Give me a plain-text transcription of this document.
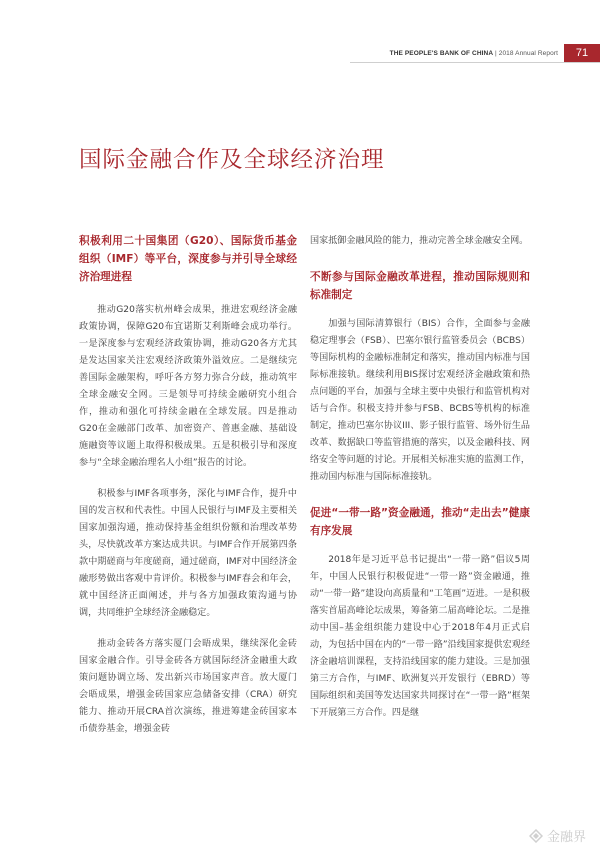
THE PEOPLE'S BANK OF CHINA | 2018 Annual Report	71
国际金融合作及全球经济治理

积极利用二十国集团（G20）、国际货币基金组织（IMF）等平台，深度参与并引导全球经济治理进程

推动G20落实杭州峰会成果，推进宏观经济金融政策协调，保障G20布宜诺斯艾利斯峰会成功举行。一是深度参与宏观经济政策协调，推动G20各方尤其是发达国家关注宏观经济政策外溢效应。二是继续完善国际金融架构，呼吁各方努力弥合分歧，推动筑牢全球金融安全网。三是领导可持续金融研究小组合作，推动和强化可持续金融在全球发展。四是推动G20在金融部门改革、加密资产、普惠金融、基础设施融资等议题上取得积极成果。五是积极引导和深度参与“全球金融治理名人小组”报告的讨论。

积极参与IMF各项事务，深化与IMF合作，提升中国的发言权和代表性。中国人民银行与IMF及主要相关国家加强沟通，推动保持基金组织份额和治理改革势头，尽快就改革方案达成共识。与IMF合作开展第四条款中期磋商与年度磋商，通过磋商，IMF对中国经济金融形势做出客观中肯评价。积极参与IMF春会和年会，就中国经济正面阐述，并与各方加强政策沟通与协调，共同维护全球经济金融稳定。

推动金砖各方落实厦门会晤成果，继续深化金砖国家金融合作。引导金砖各方就国际经济金融重大政策问题协调立场、发出新兴市场国家声音。放大厦门会晤成果，增强金砖国家应急储备安排（CRA）研究能力、推动开展CRA首次演练，推进筹建金砖国家本币债券基金，增强金砖

国家抵御金融风险的能力，推动完善全球金融安全网。

不断参与国际金融改革进程，推动国际规则和标准制定

加强与国际清算银行（BIS）合作，全面参与金融稳定理事会（FSB）、巴塞尔银行监管委员会（BCBS）等国际机构的金融标准制定和落实，推动国内标准与国际标准接轨。继续利用BIS探讨宏观经济金融政策和热点问题的平台，加强与全球主要中央银行和监管机构对话与合作。积极支持并参与FSB、BCBS等机构的标准制定，推动巴塞尔协议III、影子银行监管、场外衍生品改革、数据缺口等监管措施的落实，以及金融科技、网络安全等问题的讨论。开展相关标准实施的监测工作，推动国内标准与国际标准接轨。

促进“一带一路”资金融通，推动“走出去”健康有序发展

2018年是习近平总书记提出“一带一路”倡议5周年，中国人民银行积极促进“一带一路”资金融通，推动“一带一路”建设向高质量和“工笔画”迈进。一是积极落实首届高峰论坛成果，筹备第二届高峰论坛。二是推动中国–基金组织能力建设中心于2018年4月正式启动，为包括中国在内的“一带一路”沿线国家提供宏观经济金融培训课程，支持沿线国家的能力建设。三是加强第三方合作，与IMF、欧洲复兴开发银行（EBRD）等国际组织和美国等发达国家共同探讨在“一带一路”框架下开展第三方合作。四是继

金融界
